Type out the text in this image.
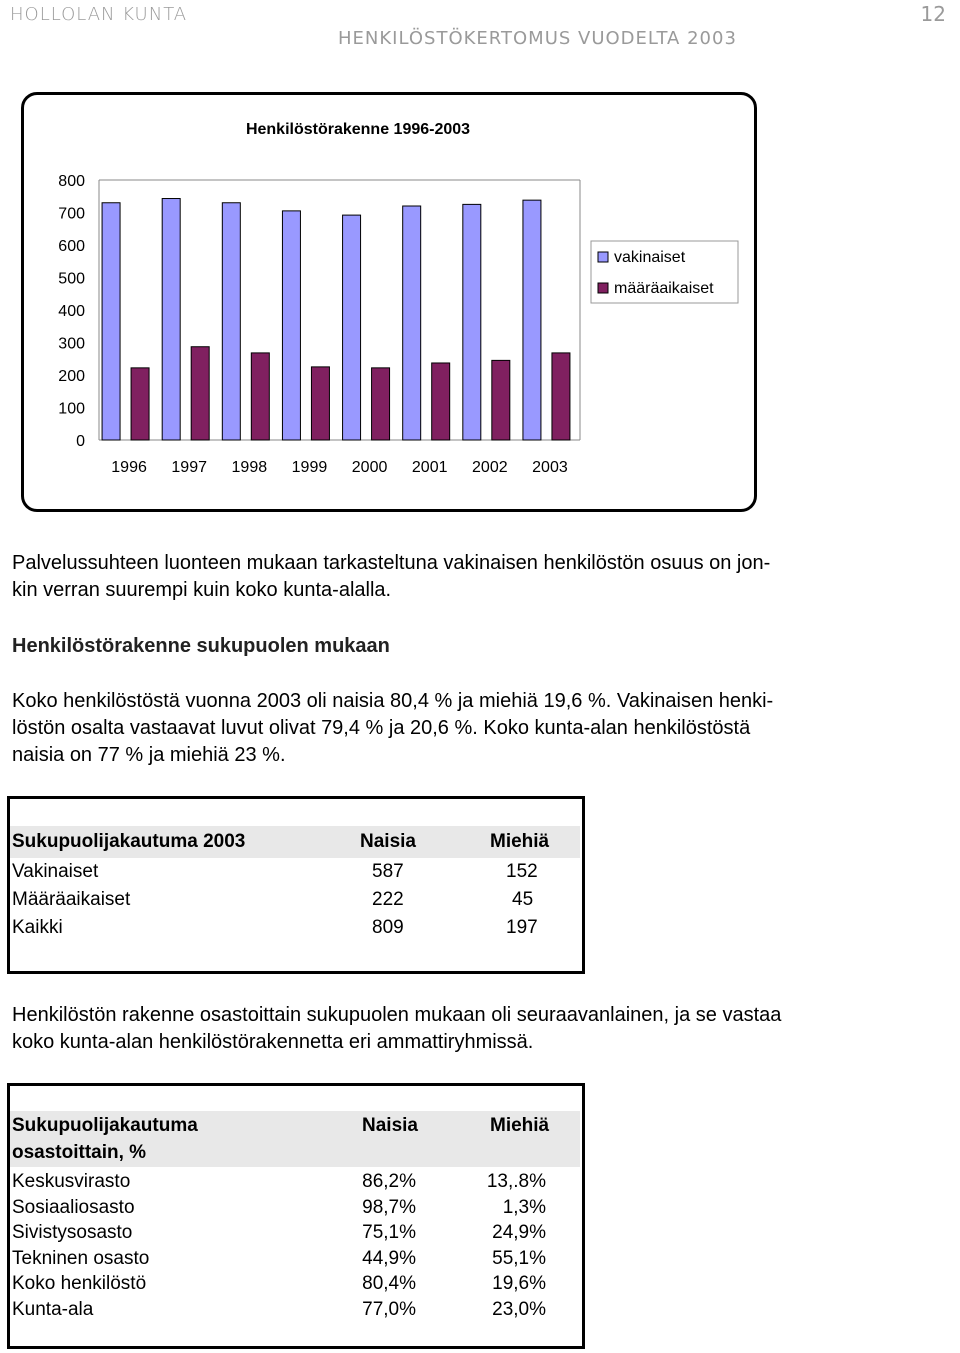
HOLLOLAN KUNTA	12
HENKILÖSTÖKERTOMUS VUODELTA 2003
Henkilöstörakenne 1996-2003
0
100
200
300
400
500
600
700
800
1996 1997 1998 1999 2000 2001 2002 2003
vakinaiset
määräaikaiset

Palvelussuhteen luonteen mukaan tarkasteltuna vakinaisen henkilöstön osuus on jon-

kin verran suurempi kuin koko kunta-alalla.

Henkilöstörakenne sukupuolen mukaan

Koko henkilöstöstä vuonna 2003 oli naisia 80,4 % ja miehiä 19,6 %. Vakinaisen henki-

löstön osalta vastaavat luvut olivat 79,4 % ja 20,6 %. Koko kunta-alan henkilöstöstä

naisia on 77 % ja miehiä 23 %.

Sukupuolijakautuma 2003	Naisia	Miehiä
Vakinaiset	587	152
Määräaikaiset	222	45
Kaikki	809	197

Henkilöstön rakenne osastoittain sukupuolen mukaan oli seuraavanlainen, ja se vastaa

koko kunta-alan henkilöstörakennetta eri ammattiryhmissä.

Sukupuolijakautuma
osastoittain, %
Naisia	Miehiä
Keskusvirasto	86,2%	13,.8%
Sosiaaliosasto	98,7%	1,3%
Sivistysosasto	75,1%	24,9%
Tekninen osasto	44,9%	55,1%
Koko henkilöstö	80,4%	19,6%
Kunta-ala	77,0%	23,0%
